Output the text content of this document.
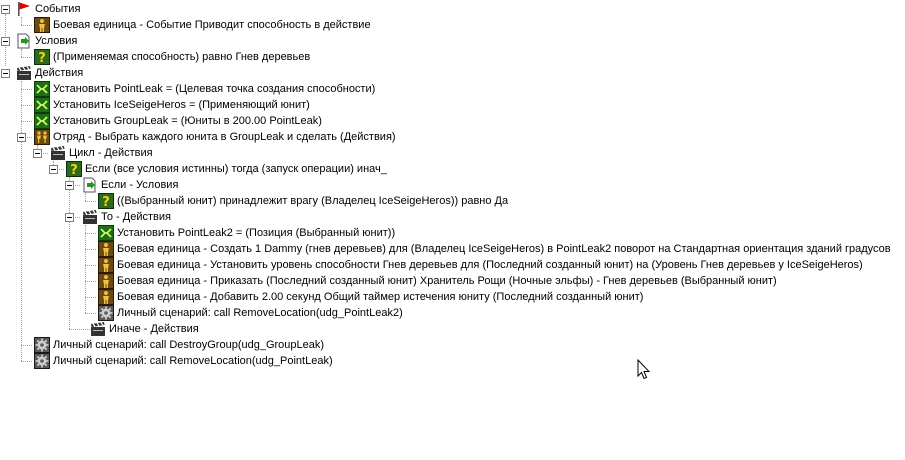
События
Боевая единица - Событие Приводит способность в действие
Условия
? (Применяемая способность) равно Гнев деревьев
Действия
Установить PointLeak = (Целевая точка создания способности)
Установить IceSeigeHeros = (Применяющий юнит)
Установить GroupLeak = (Юниты в 200.00 PointLeak)
Отряд - Выбрать каждого юнита в GroupLeak и сделать (Действия)
Цикл - Действия
? Если (все условия истинны) тогда (запуск операции) инач_
Если - Условия
? ((Выбранный юнит) принадлежит врагу (Владелец IceSeigeHeros)) равно Да
То - Действия
Установить PointLeak2 = (Позиция (Выбранный юнит))
Боевая единица - Создать 1 Dammy (гнев деревьев) для (Владелец IceSeigeHeros) в PointLeak2 поворот на Стандартная ориентация зданий градусов
Боевая единица - Установить уровень способности Гнев деревьев для (Последний созданный юнит) на (Уровень Гнев деревьев у IceSeigeHeros)
Боевая единица - Приказать (Последний созданный юнит) Хранитель Рощи (Ночные эльфы) - Гнев деревьев (Выбранный юнит)
Боевая единица - Добавить 2.00 секунд Общий таймер истечения юниту (Последний созданный юнит)
Личный сценарий: call RemoveLocation(udg_PointLeak2)
Иначе - Действия
Личный сценарий: call DestroyGroup(udg_GroupLeak)
Личный сценарий: call RemoveLocation(udg_PointLeak)
